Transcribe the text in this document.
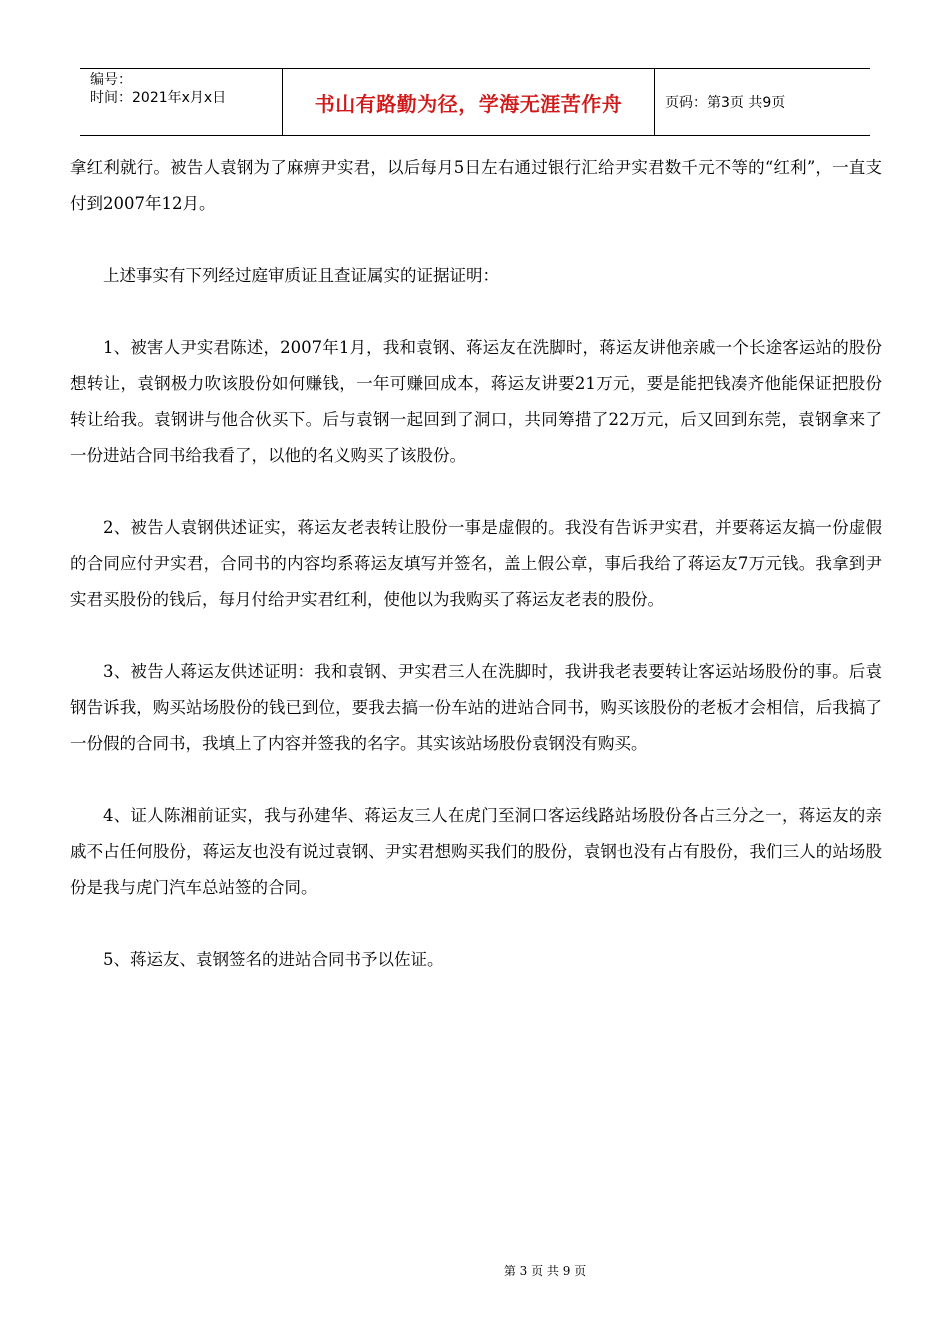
编号：
时间：2021年x月x日	书山有路勤为径，学海无涯苦作舟	页码：第3页 共9页

拿红利就行。被告人袁钢为了麻痹尹实君，以后每月5日左右通过银行汇给尹实君数千元不等的“红利”，一直支付到2007年12月。

上述事实有下列经过庭审质证且查证属实的证据证明：

1、被害人尹实君陈述，2007年1月，我和袁钢、蒋运友在洗脚时，蒋运友讲他亲戚一个长途客运站的股份想转让，袁钢极力吹该股份如何赚钱，一年可赚回成本，蒋运友讲要21万元，要是能把钱凑齐他能保证把股份转让给我。袁钢讲与他合伙买下。后与袁钢一起回到了洞口，共同筹措了22万元，后又回到东莞，袁钢拿来了一份进站合同书给我看了，以他的名义购买了该股份。

2、被告人袁钢供述证实，蒋运友老表转让股份一事是虚假的。我没有告诉尹实君，并要蒋运友搞一份虚假的合同应付尹实君，合同书的内容均系蒋运友填写并签名，盖上假公章，事后我给了蒋运友7万元钱。我拿到尹实君买股份的钱后，每月付给尹实君红利，使他以为我购买了蒋运友老表的股份。

3、被告人蒋运友供述证明：我和袁钢、尹实君三人在洗脚时，我讲我老表要转让客运站场股份的事。后袁钢告诉我，购买站场股份的钱已到位，要我去搞一份车站的进站合同书，购买该股份的老板才会相信，后我搞了一份假的合同书，我填上了内容并签我的名字。其实该站场股份袁钢没有购买。

4、证人陈湘前证实，我与孙建华、蒋运友三人在虎门至洞口客运线路站场股份各占三分之一，蒋运友的亲戚不占任何股份，蒋运友也没有说过袁钢、尹实君想购买我们的股份，袁钢也没有占有股份，我们三人的站场股份是我与虎门汽车总站签的合同。

5、蒋运友、袁钢签名的进站合同书予以佐证。

第 3 页 共 9 页
